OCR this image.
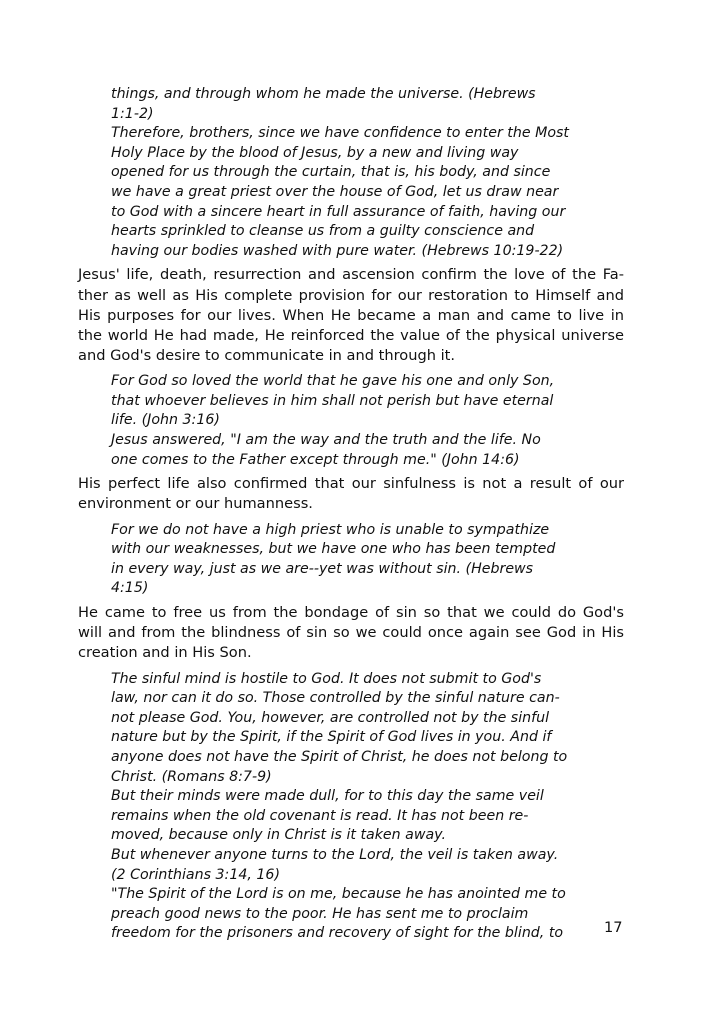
things, and through whom he made the universe. (Hebrews
1:1-2)
Therefore, brothers, since we have confidence to enter the Most
Holy Place by the blood of Jesus, by a new and living way
opened for us through the curtain, that is, his body, and since
we have a great priest over the house of God, let us draw near
to God with a sincere heart in full assurance of faith, having our
hearts sprinkled to cleanse us from a guilty conscience and
having our bodies washed with pure water. (Hebrews 10:19-22)
Jesus' life, death, resurrection and ascension confirm the love of the Fa-
ther as well as His complete provision for our restoration to Himself and
His purposes for our lives. When He became a man and came to live in
the world He had made, He reinforced the value of the physical universe
and God's desire to communicate in and through it.
For God so loved the world that he gave his one and only Son,
that whoever believes in him shall not perish but have eternal
life. (John 3:16)
Jesus answered, "I am the way and the truth and the life. No
one comes to the Father except through me." (John 14:6)
His perfect life also confirmed that our sinfulness is not a result of our
environment or our humanness.
For we do not have a high priest who is unable to sympathize
with our weaknesses, but we have one who has been tempted
in every way, just as we are--yet was without sin. (Hebrews
4:15)
He came to free us from the bondage of sin so that we could do God's
will and from the blindness of sin so we could once again see God in His
creation and in His Son.
The sinful mind is hostile to God. It does not submit to God's
law, nor can it do so. Those controlled by the sinful nature can-
not please God. You, however, are controlled not by the sinful
nature but by the Spirit, if the Spirit of God lives in you. And if
anyone does not have the Spirit of Christ, he does not belong to
Christ. (Romans 8:7-9)
But their minds were made dull, for to this day the same veil
remains when the old covenant is read. It has not been re-
moved, because only in Christ is it taken away.
But whenever anyone turns to the Lord, the veil is taken away.
(2 Corinthians 3:14, 16)
"The Spirit of the Lord is on me, because he has anointed me to
preach good news to the poor. He has sent me to proclaim
freedom for the prisoners and recovery of sight for the blind, to	17
